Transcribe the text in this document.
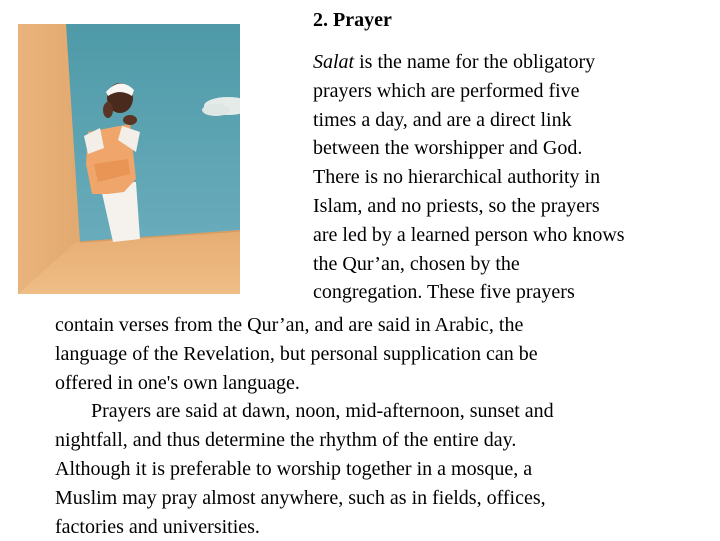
2. Prayer
Salat is the name for the obligatory
prayers which are performed five
times a day, and are a direct link
between the worshipper and God.
There is no hierarchical authority in
Islam, and no priests, so the prayers
are led by a learned person who knows
the Qur’an, chosen by the
congregation. These five prayers
contain verses from the Qur’an, and are said in Arabic, the
language of the Revelation, but personal supplication can be
offered in one's own language.
Prayers are said at dawn, noon, mid-afternoon, sunset and
nightfall, and thus determine the rhythm of the entire day.
Although it is preferable to worship together in a mosque, a
Muslim may pray almost anywhere, such as in fields, offices,
factories and universities.
